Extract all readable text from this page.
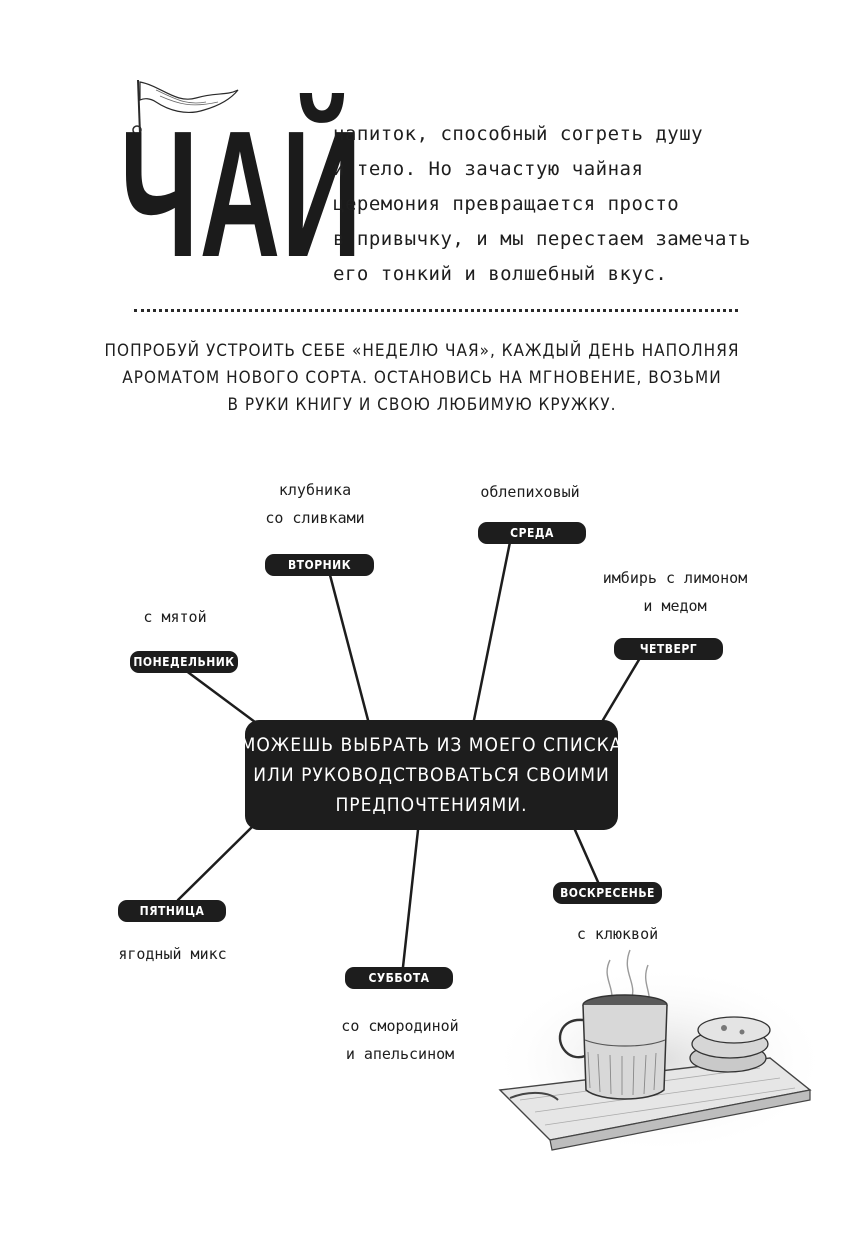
ЧАЙ
напиток, способный согреть душу
и тело. Но зачастую чайная
церемония превращается просто
в привычку, и мы перестаем замечать
его тонкий и волшебный вкус.
ПОПРОБУЙ УСТРОИТЬ СЕБЕ «НЕДЕЛЮ ЧАЯ», КАЖДЫЙ ДЕНЬ НАПОЛНЯЯ
АРОМАТОМ НОВОГО СОРТА. ОСТАНОВИСЬ НА МГНОВЕНИЕ, ВОЗЬМИ
В РУКИ КНИГУ И СВОЮ ЛЮБИМУЮ КРУЖКУ.
МОЖЕШЬ ВЫБРАТЬ ИЗ МОЕГО СПИСКА
ИЛИ РУКОВОДСТВОВАТЬСЯ СВОИМИ
ПРЕДПОЧТЕНИЯМИ.
с мятой
ПОНЕДЕЛЬНИК
клубника
со сливками
ВТОРНИК
облепиховый
СРЕДА
имбирь с лимоном
и медом
ЧЕТВЕРГ
ПЯТНИЦА
ягодный микс
СУББОТА
со смородиной
и апельсином
ВОСКРЕСЕНЬЕ
с клюквой
